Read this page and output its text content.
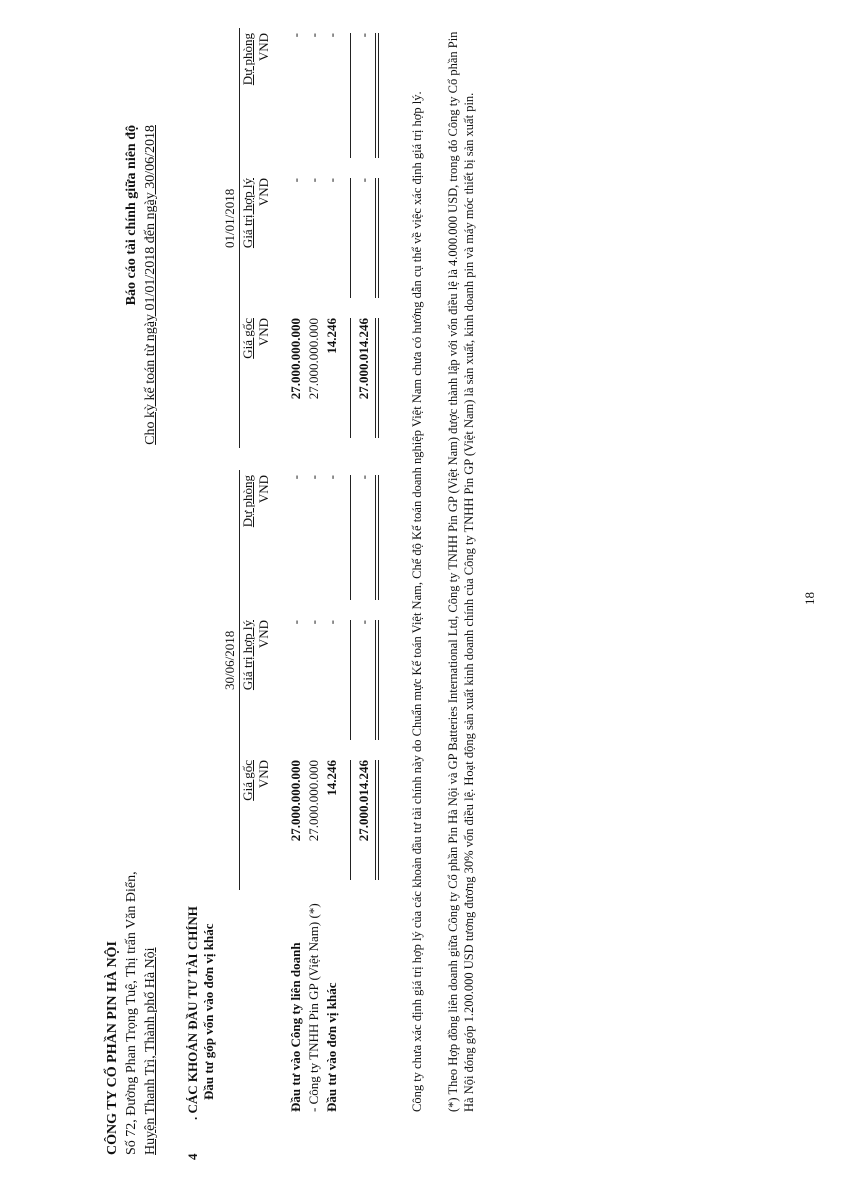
CÔNG TY CỔ PHẦN PIN HÀ NỘI Số 72, Đường Phan Trọng Tuệ, Thị trấn Văn Điển, Huyện Thanh Trì, Thành phố Hà Nội
Báo cáo tài chính giữa niên độ Cho kỳ kế toán từ ngày 01/01/2018 đến ngày 30/06/2018
4
. CÁC KHOẢN ĐẦU TƯ TÀI CHÍNH Đầu tư góp vốn vào đơn vị khác
30/06/2018
01/01/2018
Giá gốc
Giá trị hợp lý
Dự phòng
Giá gốc
Giá trị hợp lý
Dự phòng
VND
VND
VND
VND
VND
VND
Đầu tư vào Công ty liên doanh
27.000.000.000
-
-
27.000.000.000
-
-
- Công ty TNHH Pin GP (Việt Nam) (*)
27.000.000.000
-
-
27.000.000.000
-
-
Đầu tư vào đơn vị khác
14.246
-
-
14.246
-
-
27.000.014.246
-
-
27.000.014.246
-
-
Công ty chưa xác định giá trị hợp lý của các khoản đầu tư tài chính này do Chuẩn mực Kế toán Việt Nam, Chế độ Kế toán doanh nghiệp Việt Nam chưa có hướng dẫn cụ thể về việc xác định giá trị hợp lý. (*) Theo Hợp đồng liên doanh giữa Công ty Cổ phần Pin Hà Nội và GP Batteries International Ltd, Công ty TNHH Pin GP (Việt Nam) được thành lập với vốn điều lệ là 4.000.000 USD, trong đó Công ty Cổ phần Pin Hà Nội đóng góp 1.200.000 USD tương đương 30% vốn điều lệ. Hoạt động sản xuất kinh doanh chính của Công ty TNHH Pin GP (Việt Nam) là sản xuất, kinh doanh pin và máy móc thiết bị sản xuất pin.	18
